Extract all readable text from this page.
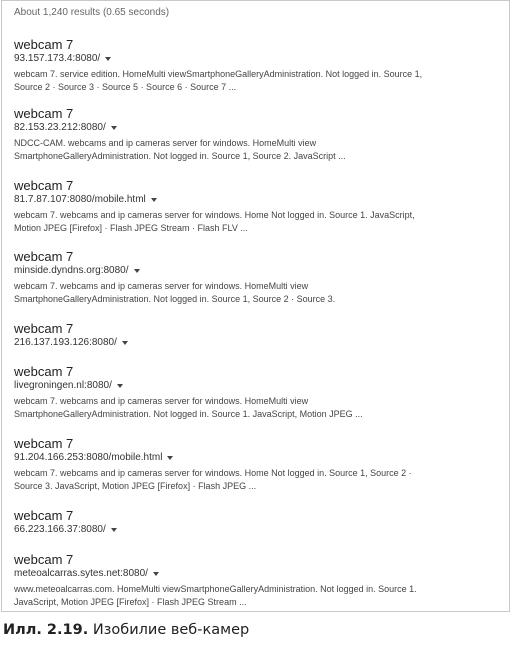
About 1,240 results (0.65 seconds)
webcam 7
93.157.173.4:8080/
webcam 7. service edition. HomeMulti viewSmartphoneGalleryAdministration. Not logged in. Source 1,
Source 2 · Source 3 · Source 5 · Source 6 · Source 7 ...
webcam 7
82.153.23.212:8080/
NDCC-CAM. webcams and ip cameras server for windows. HomeMulti view
SmartphoneGalleryAdministration. Not logged in. Source 1, Source 2. JavaScript ...
webcam 7
81.7.87.107:8080/mobile.html
webcam 7. webcams and ip cameras server for windows. Home Not logged in. Source 1. JavaScript,
Motion JPEG [Firefox] · Flash JPEG Stream · Flash FLV ...
webcam 7
minside.dyndns.org:8080/
webcam 7. webcams and ip cameras server for windows. HomeMulti view
SmartphoneGalleryAdministration. Not logged in. Source 1, Source 2 · Source 3.
webcam 7
216.137.193.126:8080/
webcam 7
livegroningen.nl:8080/
webcam 7. webcams and ip cameras server for windows. HomeMulti view
SmartphoneGalleryAdministration. Not logged in. Source 1. JavaScript, Motion JPEG ...
webcam 7
91.204.166.253:8080/mobile.html
webcam 7. webcams and ip cameras server for windows. Home Not logged in. Source 1, Source 2 ·
Source 3. JavaScript, Motion JPEG [Firefox] · Flash JPEG ...
webcam 7
66.223.166.37:8080/
webcam 7
meteoalcarras.sytes.net:8080/
www.meteoalcarras.com. HomeMulti viewSmartphoneGalleryAdministration. Not logged in. Source 1.
JavaScript, Motion JPEG [Firefox] · Flash JPEG Stream ...
Илл. 2.19. Изобилие веб-камер
